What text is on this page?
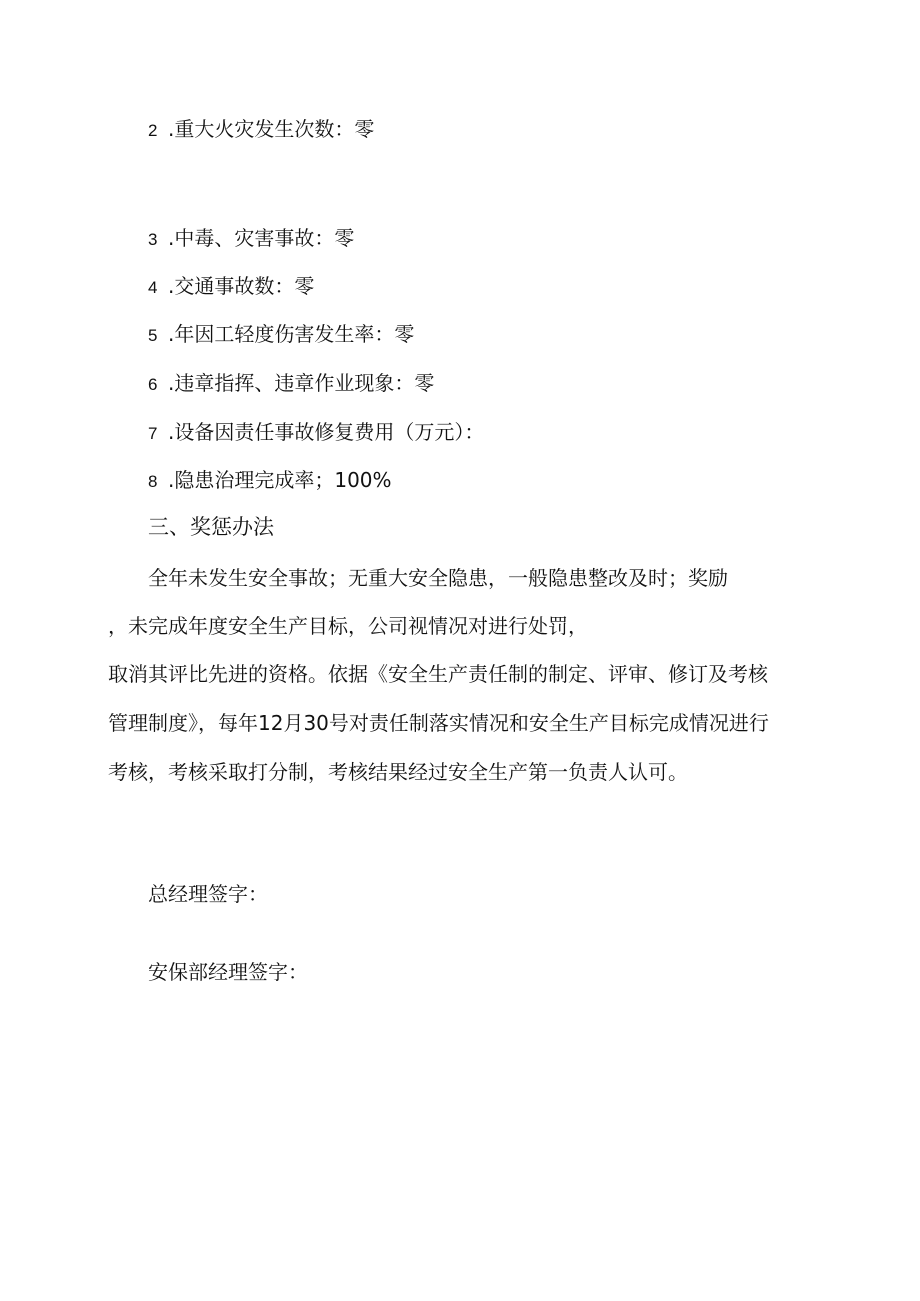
2 .重大火灾发生次数：零
3 .中毒、灾害事故：零
4 .交通事故数：零
5 .年因工轻度伤害发生率：零
6 .违章指挥、违章作业现象：零
7 .设备因责任事故修复费用（万元）：
8 .隐患治理完成率；100%
三、奖惩办法
全年未发生安全事故；无重大安全隐患，一般隐患整改及时；奖励
，未完成年度安全生产目标，公司视情况对进行处罚，
取消其评比先进的资格。依据《安全生产责任制的制定、评审、修订及考核
管理制度》，每年12月30号对责任制落实情况和安全生产目标完成情况进行
考核，考核采取打分制，考核结果经过安全生产第一负责人认可。
总经理签字：
安保部经理签字：
